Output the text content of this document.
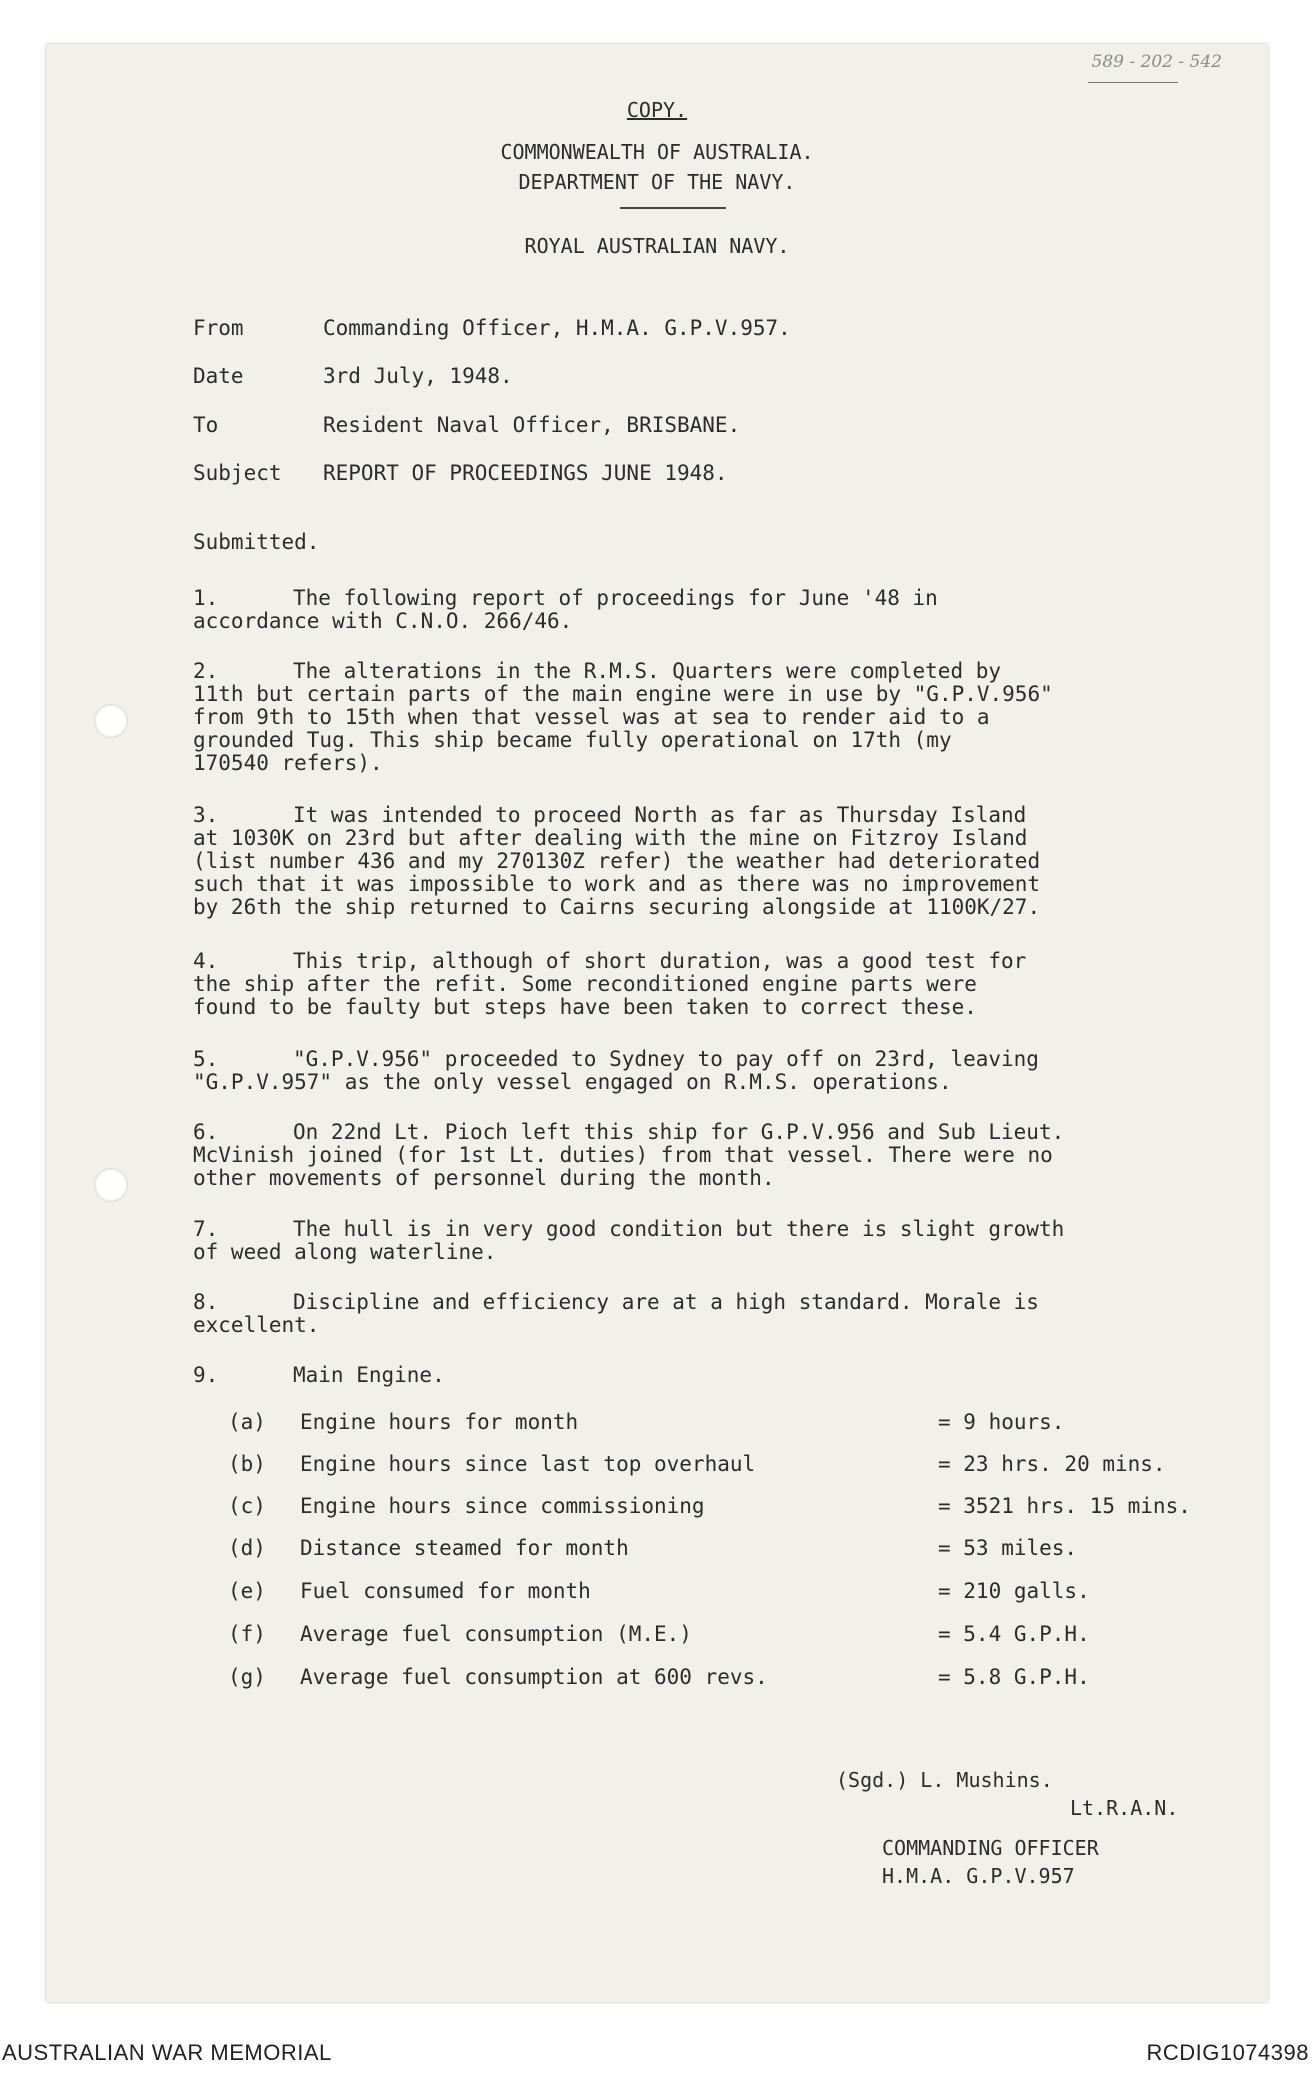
589 - 202 - 542
COPY.
COMMONWEALTH OF AUSTRALIA.
DEPARTMENT OF THE NAVY.
ROYAL AUSTRALIAN NAVY.
From	Commanding Officer, H.M.A. G.P.V.957.
Date	3rd July, 1948.
To	Resident Naval Officer, BRISBANE.
Subject REPORT OF PROCEEDINGS JUNE 1948.
Submitted.
1.	The following report of proceedings for June '48 in
accordance with C.N.O. 266/46.
2.	The alterations in the R.M.S. Quarters were completed by
11th but certain parts of the main engine were in use by "G.P.V.956"
from 9th to 15th when that vessel was at sea to render aid to a
grounded Tug. This ship became fully operational on 17th (my
170540 refers).
3.	It was intended to proceed North as far as Thursday Island
at 1030K on 23rd but after dealing with the mine on Fitzroy Island
(list number 436 and my 270130Z refer) the weather had deteriorated
such that it was impossible to work and as there was no improvement
by 26th the ship returned to Cairns securing alongside at 1100K/27.
4.	This trip, although of short duration, was a good test for
the ship after the refit. Some reconditioned engine parts were
found to be faulty but steps have been taken to correct these.
5.	"G.P.V.956" proceeded to Sydney to pay off on 23rd, leaving
"G.P.V.957" as the only vessel engaged on R.M.S. operations.
6.	On 22nd Lt. Pioch left this ship for G.P.V.956 and Sub Lieut.
McVinish joined (for 1st Lt. duties) from that vessel. There were no
other movements of personnel during the month.
7.	The hull is in very good condition but there is slight growth
of weed along waterline.
8.	Discipline and efficiency are at a high standard. Morale is
excellent.
9.	Main Engine.
(a) Engine hours for month	= 9 hours.
(b) Engine hours since last top overhaul	= 23 hrs. 20 mins.
(c) Engine hours since commissioning	= 3521 hrs. 15 mins.
(d) Distance steamed for month	= 53 miles.
(e) Fuel consumed for month	= 210 galls.
(f) Average fuel consumption (M.E.)	= 5.4 G.P.H.
(g) Average fuel consumption at 600 revs.	= 5.8 G.P.H.
(Sgd.) L. Mushins.
Lt.R.A.N.
COMMANDING OFFICER
H.M.A. G.P.V.957
AUSTRALIAN WAR MEMORIAL	RCDIG1074398
